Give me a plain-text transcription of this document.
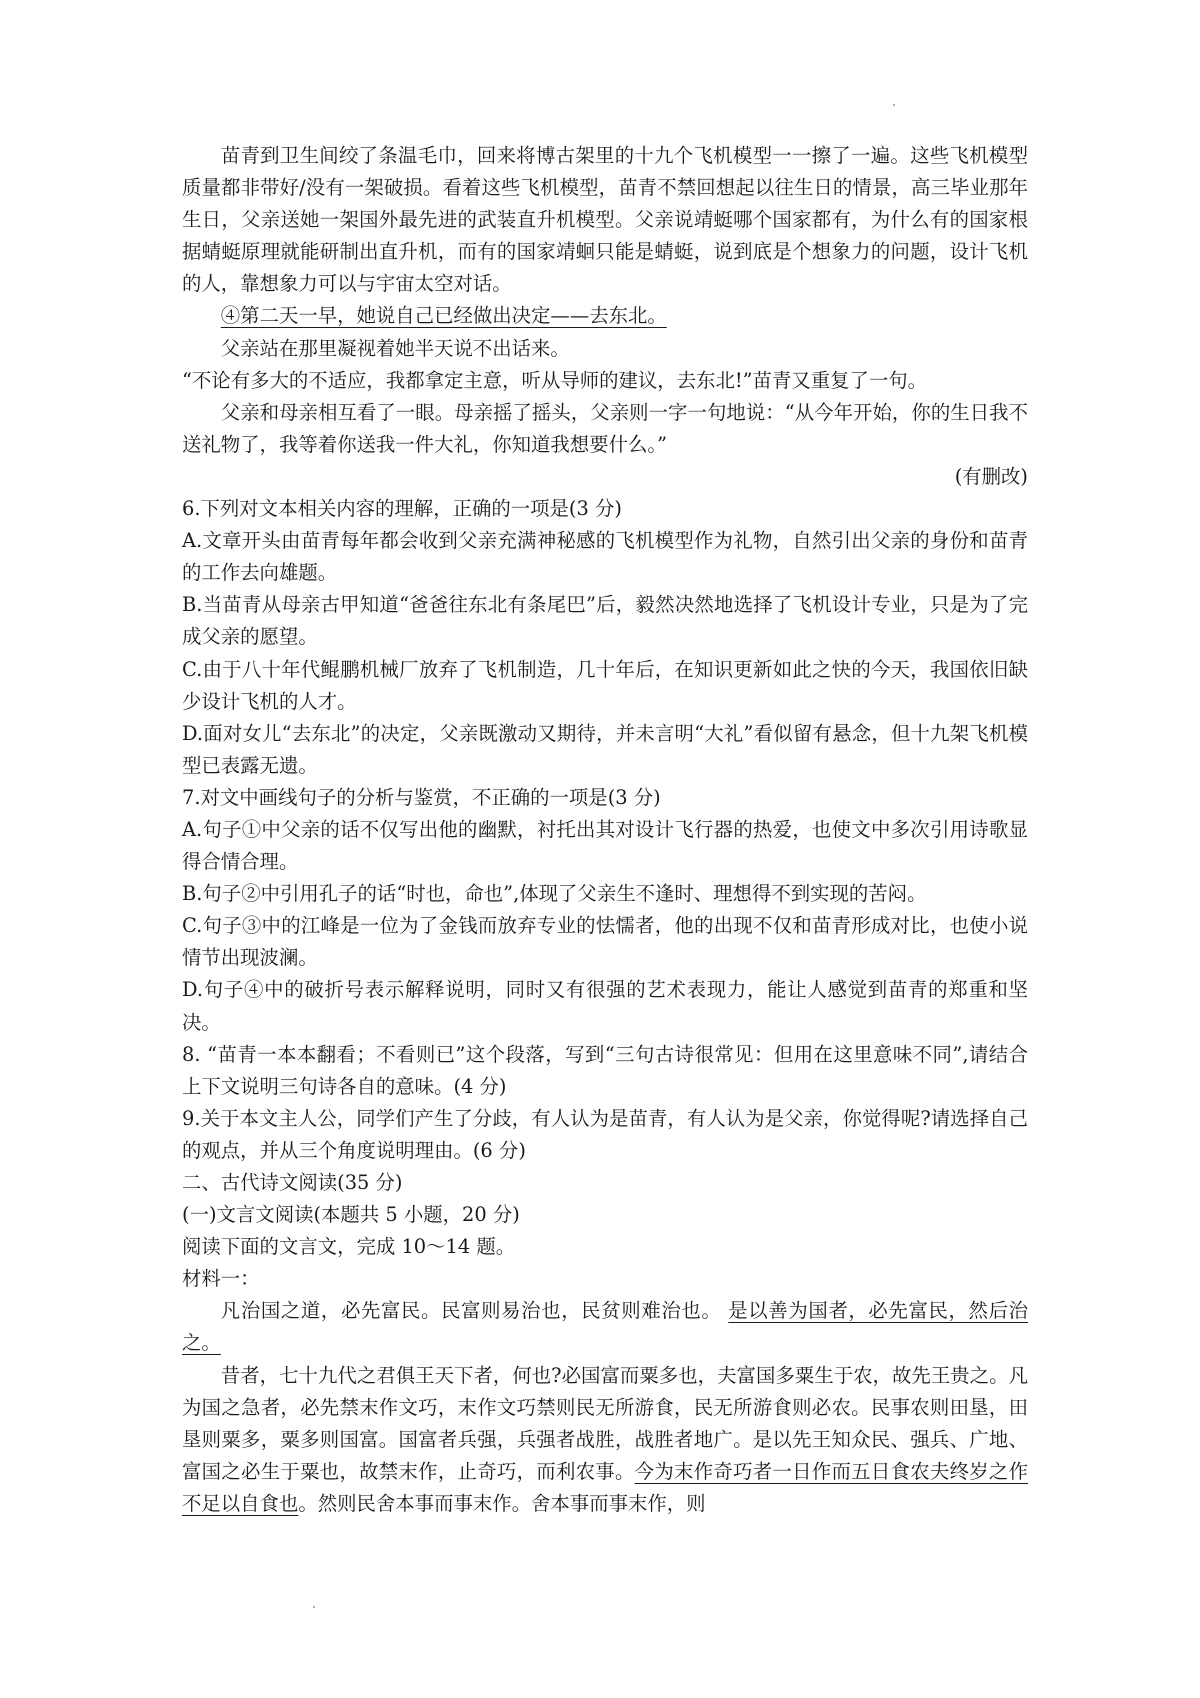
苗青到卫生间绞了条温毛巾，回来将博古架里的十九个飞机模型一一擦了一遍。这些飞机模型质量都非带好/没有一架破损。看着这些飞机模型，苗青不禁回想起以往生日的情景，高三毕业那年生日，父亲送她一架国外最先进的武装直升机模型。父亲说靖蜓哪个国家都有，为什么有的国家根据蜻蜓原理就能研制出直升机，而有的国家靖蛔只能是蜻蜓，说到底是个想象力的问题，设计飞机的人，靠想象力可以与宇宙太空对话。

④第二天一早，她说自己已经做出决定——去东北。

父亲站在那里凝视着她半天说不出话来。

“不论有多大的不适应，我都拿定主意，听从导师的建议，去东北!”苗青又重复了一句。

父亲和母亲相互看了一眼。母亲摇了摇头，父亲则一字一句地说：“从今年开始，你的生日我不送礼物了，我等着你送我一件大礼，你知道我想要什么。”

(有删改)

6.下列对文本相关内容的理解，正确的一项是(3 分)

A.文章开头由苗青每年都会收到父亲充满神秘感的飞机模型作为礼物，自然引出父亲的身份和苗青的工作去向雄题。

B.当苗青从母亲古甲知道“爸爸往东北有条尾巴”后，毅然决然地选择了飞机设计专业，只是为了完成父亲的愿望。

C.由于八十年代鲲鹏机械厂放弃了飞机制造，几十年后，在知识更新如此之快的今天，我国依旧缺少设计飞机的人才。

D.面对女儿“去东北”的决定，父亲既激动又期待，并未言明“大礼”看似留有悬念，但十九架飞机模型已表露无遗。

7.对文中画线句子的分析与鉴赏，不正确的一项是(3 分)

A.句子①中父亲的话不仅写出他的幽默，衬托出其对设计飞行器的热爱，也使文中多次引用诗歌显得合情合理。

B.句子②中引用孔子的话“时也，命也”,体现了父亲生不逢时、理想得不到实现的苦闷。

C.句子③中的江峰是一位为了金钱而放弃专业的怯懦者，他的出现不仅和苗青形成对比，也使小说情节出现波澜。

D.句子④中的破折号表示解释说明，同时又有很强的艺术表现力，能让人感觉到苗青的郑重和坚决。

8. “苗青一本本翻看；不看则已”这个段落，写到“三句古诗很常见：但用在这里意味不同”,请结合上下文说明三句诗各自的意味。(4 分)

9.关于本文主人公，同学们产生了分歧，有人认为是苗青，有人认为是父亲，你觉得呢?请选择自己的观点，并从三个角度说明理由。(6 分)

二、古代诗文阅读(35 分)

(一)文言文阅读(本题共 5 小题，20 分)

阅读下面的文言文，完成 10～14 题。

材料一：

凡治国之道，必先富民。民富则易治也，民贫则难治也。 是以善为国者，必先富民，然后治之。

昔者，七十九代之君俱王天下者，何也?必国富而粟多也，夫富国多粟生于农，故先王贵之。凡为国之急者，必先禁末作文巧，末作文巧禁则民无所游食，民无所游食则必农。民事农则田垦，田垦则粟多，粟多则国富。国富者兵强，兵强者战胜，战胜者地广。是以先王知众民、强兵、广地、富国之必生于粟也，故禁末作，止奇巧，而利农事。今为末作奇巧者一日作而五日食农夫终岁之作不足以自食也。然则民舍本事而事末作。舍本事而事末作，则
